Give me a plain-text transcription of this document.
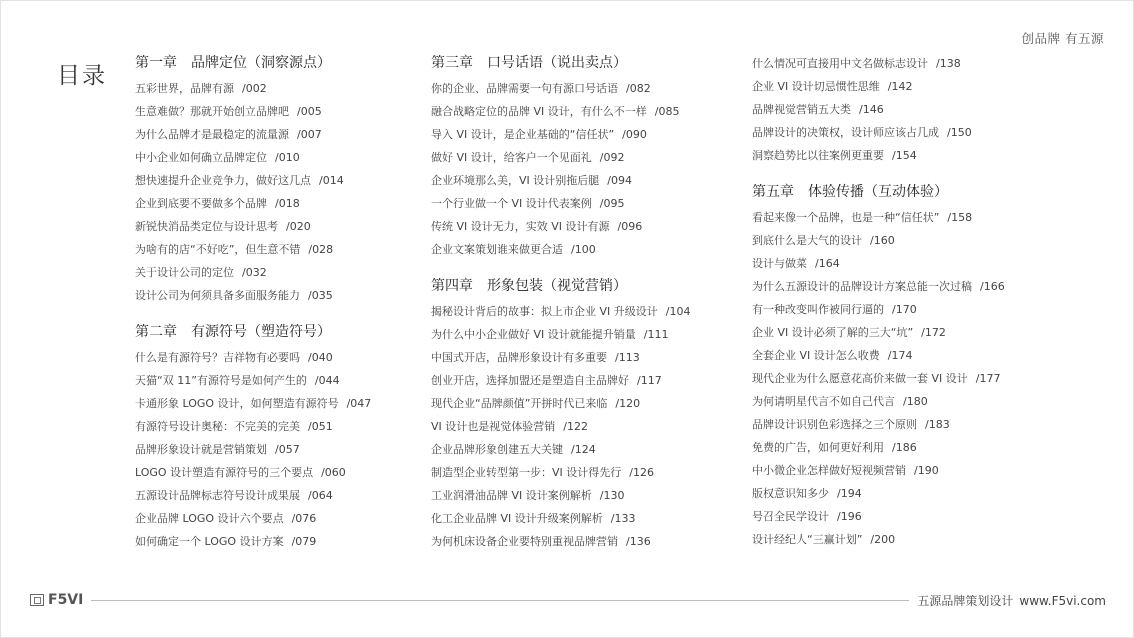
创品牌 有五源
目录 第一章 品牌定位（洞察源点）
五彩世界，品牌有源 /002
生意难做？那就开始创立品牌吧 /005
为什么品牌才是最稳定的流量源 /007
中小企业如何确立品牌定位 /010
想快速提升企业竞争力，做好这几点 /014
企业到底要不要做多个品牌 /018
新锐快消品类定位与设计思考 /020
为啥有的店“不好吃”，但生意不错 /028
关于设计公司的定位 /032
设计公司为何须具备多面服务能力 /035
第二章 有源符号（塑造符号）
什么是有源符号？吉祥物有必要吗 /040
天猫“双 11”有源符号是如何产生的 /044
卡通形象 LOGO 设计，如何塑造有源符号 /047
有源符号设计奥秘：不完美的完美 /051
品牌形象设计就是营销策划 /057
LOGO 设计塑造有源符号的三个要点 /060
五源设计品牌标志符号设计成果展 /064
企业品牌 LOGO 设计六个要点 /076
如何确定一个 LOGO 设计方案 /079
第三章 口号话语（说出卖点）
你的企业、品牌需要一句有源口号话语 /082
融合战略定位的品牌 VI 设计，有什么不一样 /085
导入 VI 设计，是企业基础的“信任状” /090
做好 VI 设计，给客户一个见面礼 /092
企业环境那么美，VI 设计别拖后腿 /094
一个行业做一个 VI 设计代表案例 /095
传统 VI 设计无力，实效 VI 设计有源 /096
企业文案策划谁来做更合适 /100
第四章 形象包装（视觉营销）
揭秘设计背后的故事：拟上市企业 VI 升级设计 /104
为什么中小企业做好 VI 设计就能提升销量 /111
中国式开店，品牌形象设计有多重要 /113
创业开店，选择加盟还是塑造自主品牌好 /117
现代企业“品牌颜值”开拼时代已来临 /120
VI 设计也是视觉体验营销 /122
企业品牌形象创建五大关键 /124
制造型企业转型第一步：VI 设计得先行 /126
工业润滑油品牌 VI 设计案例解析 /130
化工企业品牌 VI 设计升级案例解析 /133
为何机床设备企业要特别重视品牌营销 /136
什么情况可直接用中文名做标志设计 /138
企业 VI 设计切忌惯性思维 /142
品牌视觉营销五大类 /146
品牌设计的决策权，设计师应该占几成 /150
洞察趋势比以往案例更重要 /154
第五章 体验传播（互动体验）
看起来像一个品牌，也是一种“信任状” /158
到底什么是大气的设计 /160
设计与做菜 /164
为什么五源设计的品牌设计方案总能一次过稿 /166
有一种改变叫作被同行逼的 /170
企业 VI 设计必须了解的三大“坑” /172
全套企业 VI 设计怎么收费 /174
现代企业为什么愿意花高价来做一套 VI 设计 /177
为何请明星代言不如自己代言 /180
品牌设计识别色彩选择之三个原则 /183
免费的广告，如何更好利用 /186
中小微企业怎样做好短视频营销 /190
版权意识知多少 /194
号召全民学设计 /196
设计经纪人“三赢计划” /200
F5VI	五源品牌策划设计 www.F5vi.com
